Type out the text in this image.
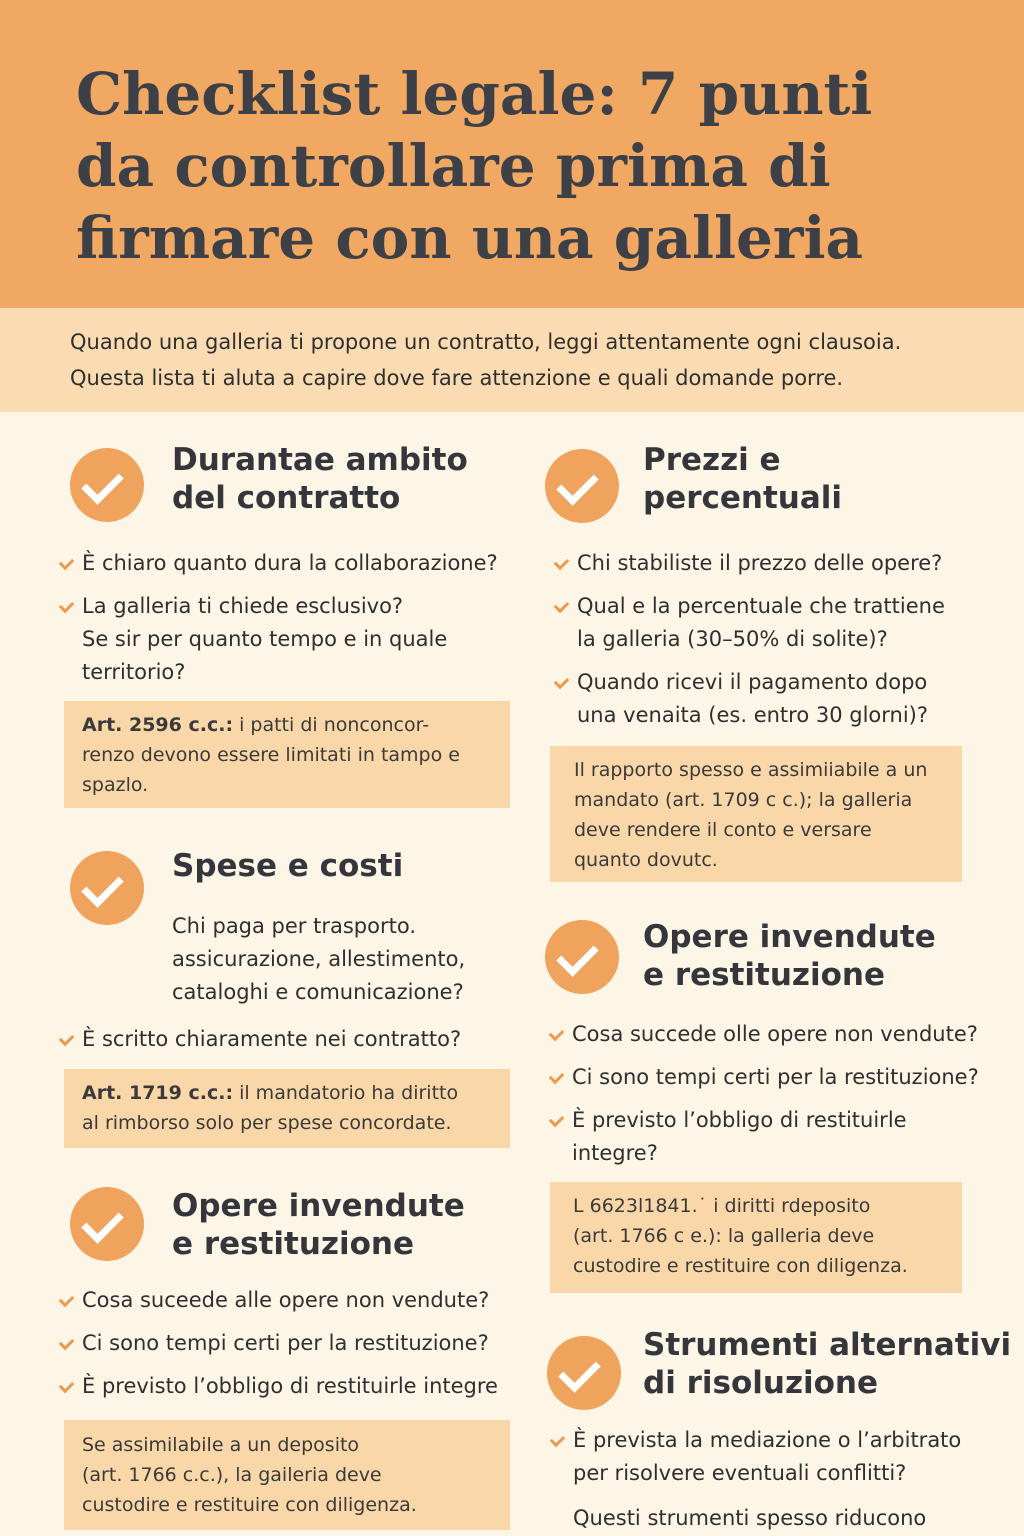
Checklist legale: 7 punti
da controllare prima di
firmare con una galleria

Quando una galleria ti propone un contratto, leggi attentamente ogni clausoia.
Questa lista ti aluta a capire dove fare attenzione e quali domande porre.

Durantae ambito
del contratto
È chiaro quanto dura la collaborazione?
La galleria ti chiede esclusivo?
Se sir per quanto tempo e in quale
territorio?
Art. 2596 c.c.: i patti di nonconcor-
renzo devono essere limitati in tampo e
spazlo.
Spese e costi

Chi paga per trasporto.
assicurazione, allestimento,
cataloghi e comunicazione?

È scritto chiaramente nei contratto?
Art. 1719 c.c.: il mandatorio ha diritto
al rimborso solo per spese concordate.
Opere invendute
e restituzione
Cosa suceede alle opere non vendute?
Ci sono tempi certi per la restituzione?
È previsto l’obbligo di restituirle integre
Se assimilabile a un deposito
(art. 1766 c.c.), la gaileria deve
custodire e restituire con diligenza.
Prezzi e
percentuali
Chi stabiliste il prezzo delle opere?
Qual e la percentuale che trattiene
la galleria (30–50% di solite)?
Quando ricevi il pagamento dopo
una venaita (es. entro 30 glorni)?
Il rapporto spesso e assimiiabile a un
mandato (art. 1709 c c.); la galleria
deve rendere il conto e versare
quanto dovutc.
Opere invendute
e restituzione
Cosa succede olle opere non vendute?
Ci sono tempi certi per la restituzione?
È previsto l’obbligo di restituirle
integre?
L 6623l1841.˙ i diritti rdeposito
(art. 1766 c e.): la galleria deve
custodire e restituire con diligenza.
Strumenti alternativi
di risoluzione
È prevista la mediazione o l’arbitrato
per risolvere eventuali conflitti?

Questi strumenti spesso riducono
